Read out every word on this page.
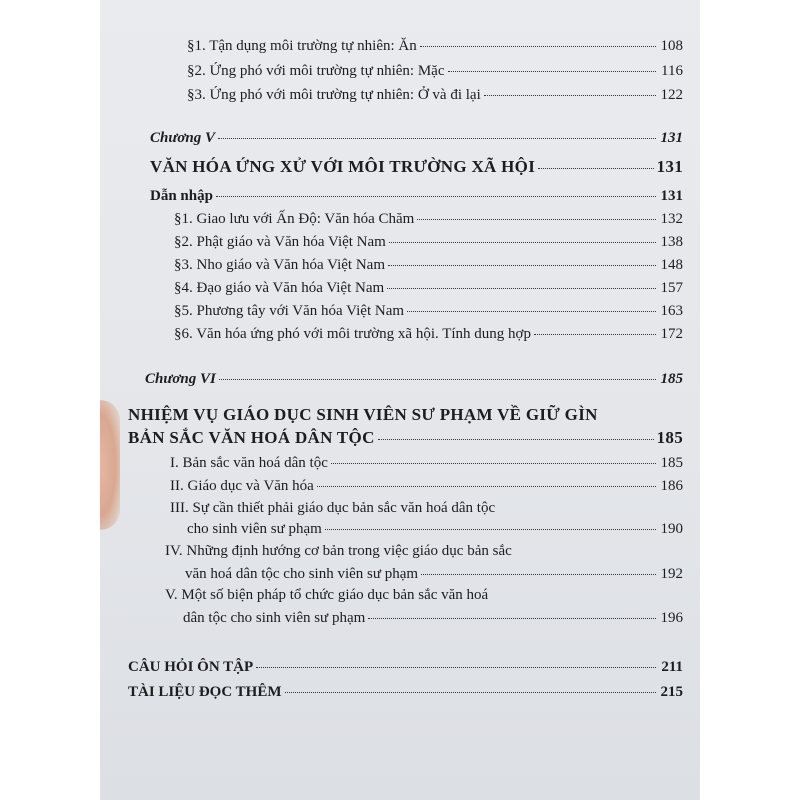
§1. Tận dụng môi trường tự nhiên: Ăn	108
§2. Ứng phó với môi trường tự nhiên: Mặc	116
§3. Ứng phó với môi trường tự nhiên: Ở và đi lại	122
Chương V	131
VĂN HÓA ỨNG XỬ VỚI MÔI TRƯỜNG XÃ HỘI	131
Dẫn nhập	131
§1. Giao lưu với Ấn Độ: Văn hóa Chăm	132
§2. Phật giáo và Văn hóa Việt Nam	138
§3. Nho giáo và Văn hóa Việt Nam	148
§4. Đạo giáo và Văn hóa Việt Nam	157
§5. Phương tây với Văn hóa Việt Nam	163
§6. Văn hóa ứng phó với môi trường xã hội. Tính dung hợp	172
Chương VI	185
NHIỆM VỤ GIÁO DỤC SINH VIÊN SƯ PHẠM VỀ GIỮ GÌN
BẢN SẮC VĂN HOÁ DÂN TỘC	185
I. Bản sắc văn hoá dân tộc	185
II. Giáo dục và Văn hóa	186
III. Sự cần thiết phải giáo dục bản sắc văn hoá dân tộc
cho sinh viên sư phạm	190
IV. Những định hướng cơ bản trong việc giáo dục bản sắc
văn hoá dân tộc cho sinh viên sư phạm	192
V. Một số biện pháp tổ chức giáo dục bản sắc văn hoá
dân tộc cho sinh viên sư phạm	196
CÂU HỎI ÔN TẬP	211
TÀI LIỆU ĐỌC THÊM	215
